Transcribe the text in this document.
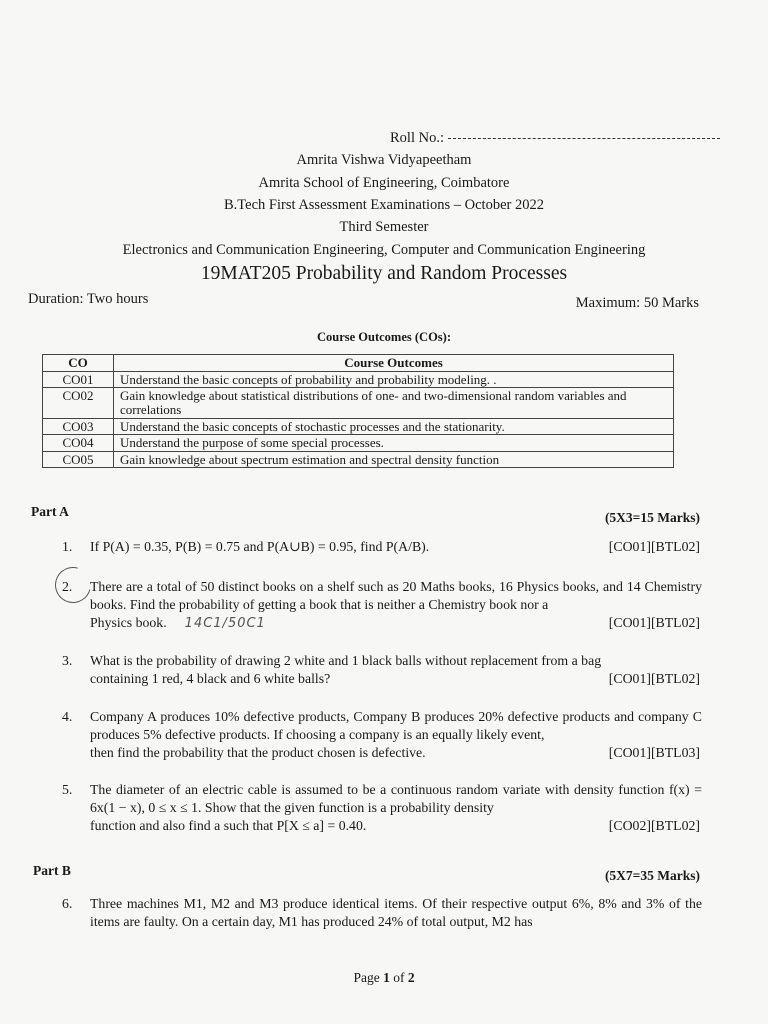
Roll No.:
Amrita Vishwa Vidyapeetham
Amrita School of Engineering, Coimbatore
B.Tech First Assessment Examinations – October 2022
Third Semester
Electronics and Communication Engineering, Computer and Communication Engineering
19MAT205 Probability and Random Processes
Duration: Two hours	Maximum: 50 Marks
Course Outcomes (COs):
CO	Course Outcomes
CO01	Understand the basic concepts of probability and probability modeling. .
CO02	Gain knowledge about statistical distributions of one- and two-dimensional random variables and correlations
CO03	Understand the basic concepts of stochastic processes and the stationarity.
CO04	Understand the purpose of some special processes.
CO05	Gain knowledge about spectrum estimation and spectral density function
Part A	(5X3=15 Marks)
1. If P(A) = 0.35, P(B) = 0.75 and P(A∪B) = 0.95, find P(A/B).	[CO01][BTL02]
2. There are a total of 50 distinct books on a shelf such as 20 Maths books, 16 Physics books, and 14 Chemistry books. Find the probability of getting a book that is neither a Chemistry book nor a
Physics book. 14C1/50C1	[CO01][BTL02]
3. What is the probability of drawing 2 white and 1 black balls without replacement from a bag
containing 1 red, 4 black and 6 white balls?	[CO01][BTL02]
4. Company A produces 10% defective products, Company B produces 20% defective products and company C produces 5% defective products. If choosing a company is an equally likely event,
then find the probability that the product chosen is defective.	[CO01][BTL03]
5. The diameter of an electric cable is assumed to be a continuous random variate with density function f(x) = 6x(1 − x), 0 ≤ x ≤ 1. Show that the given function is a probability density
function and also find a such that P[X ≤ a] = 0.40.	[CO02][BTL02]
Part B	(5X7=35 Marks)
6. Three machines M1, M2 and M3 produce identical items. Of their respective output 6%, 8% and 3% of the items are faulty. On a certain day, M1 has produced 24% of total output, M2 has
Page 1 of 2
